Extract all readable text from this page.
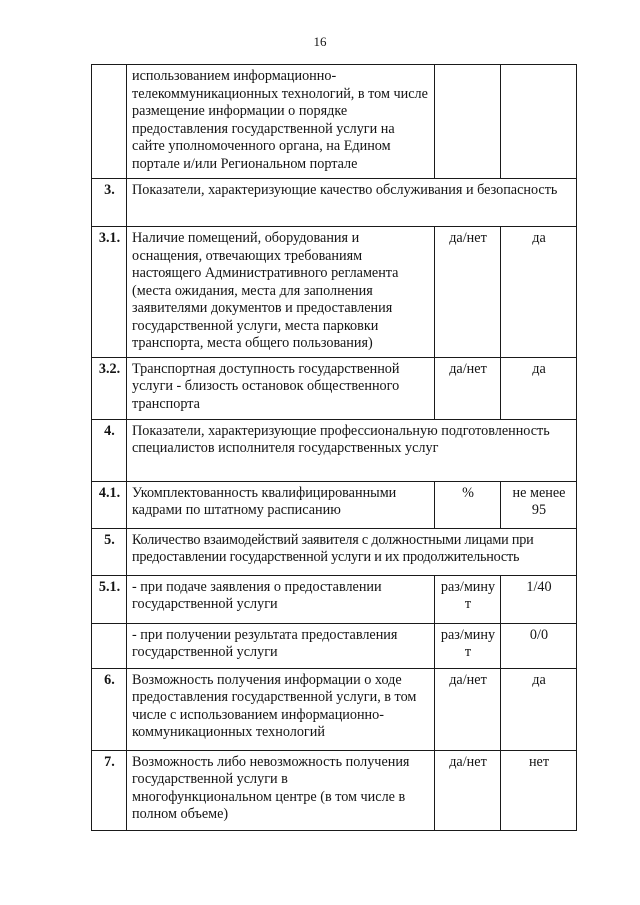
16
	использованием информационно-телекоммуникационных технологий, в том числе размещение информации о порядке предоставления государственной услуги на сайте уполномоченного органа, на Едином портале и/или Региональном портале		
3.	Показатели, характеризующие качество обслуживания и безопасность		
3.1.	Наличие помещений, оборудования и оснащения, отвечающих требованиям настоящего Административного регламента (места ожидания, места для заполнения заявителями документов и предоставления государственной услуги, места парковки транспорта, места общего пользования)	да/нет	да
3.2.	Транспортная доступность государственной услуги - близость остановок общественного транспорта	да/нет	да
4.	Показатели, характеризующие профессиональную подготовленность специалистов исполнителя государственных услуг		
4.1.	Укомплектованность квалифицированными кадрами по штатному расписанию	%	не менее 95
5.	Количество взаимодействий заявителя с должностными лицами при предоставлении государственной услуги и их продолжительность		
5.1.	- при подаче заявления о предоставлении государственной услуги	раз/минут	1/40
	- при получении результата предоставления государственной услуги	раз/минут	0/0
6.	Возможность получения информации о ходе предоставления государственной услуги, в том числе с использованием информационно-коммуникационных технологий	да/нет	да
7.	Возможность либо невозможность получения государственной услуги в многофункциональном центре (в том числе в полном объеме)	да/нет	нет
